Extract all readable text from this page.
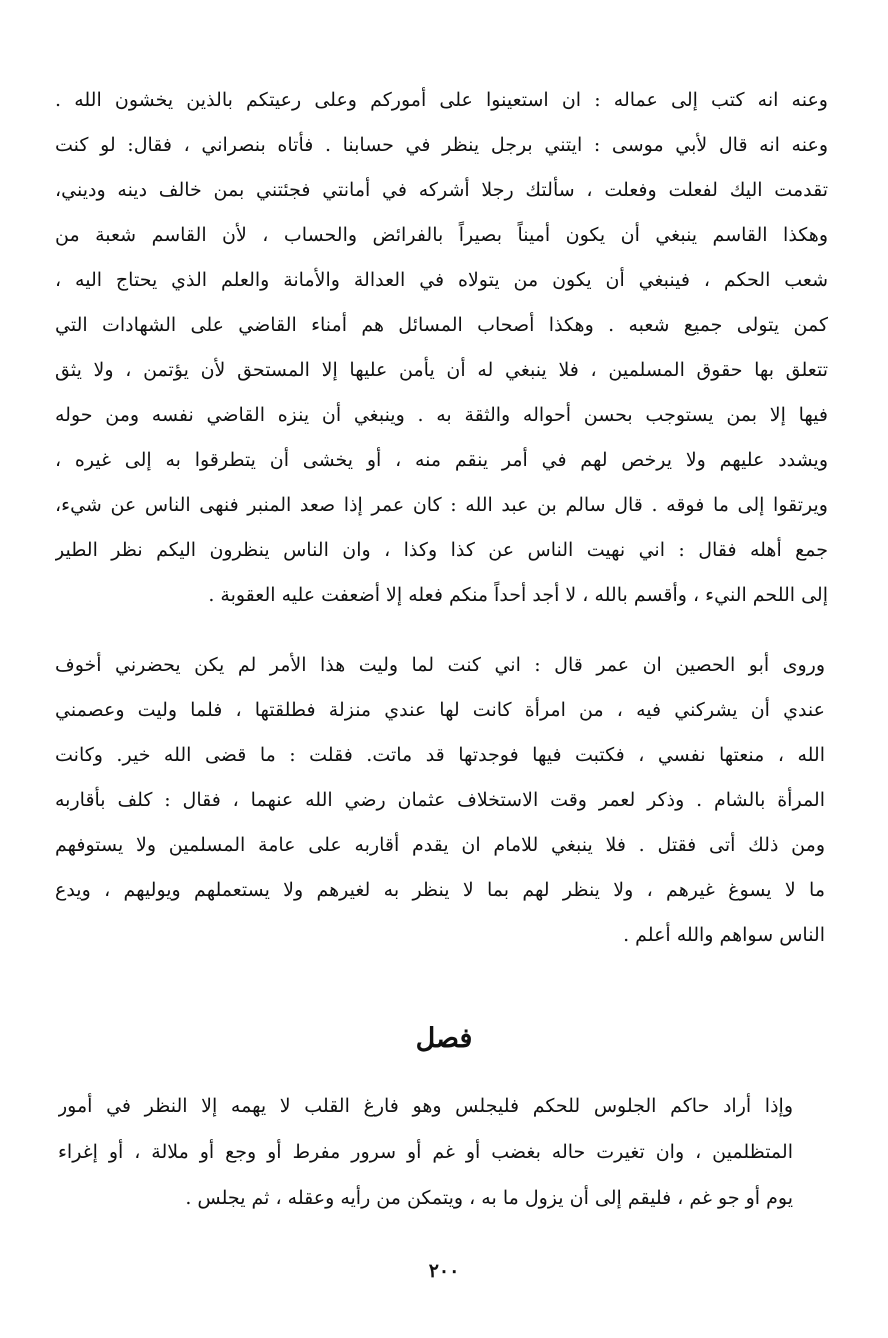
وعنه انه كتب إلى عماله : ان استعينوا على أموركم وعلى رعيتكم بالذين يخشون الله .
وعنه انه قال لأبي موسى : ايتني برجل ينظر في حسابنا . فأتاه بنصراني ، فقال: لو كنت
تقدمت اليك لفعلت وفعلت ، سألتك رجلا أشركه في أمانتي فجئتني بمن خالف دينه وديني،
وهكذا القاسم ينبغي أن يكون أميناً بصيراً بالفرائض والحساب ، لأن القاسم شعبة من
شعب الحكم ، فينبغي أن يكون من يتولاه في العدالة والأمانة والعلم الذي يحتاج اليه ،
كمن يتولى جميع شعبه . وهكذا أصحاب المسائل هم أمناء القاضي على الشهادات التي
تتعلق بها حقوق المسلمين ، فلا ينبغي له أن يأمن عليها إلا المستحق لأن يؤتمن ، ولا يثق
فيها إلا بمن يستوجب بحسن أحواله والثقة به . وينبغي أن ينزه القاضي نفسه ومن حوله
ويشدد عليهم ولا يرخص لهم في أمر ينقم منه ، أو يخشى أن يتطرقوا به إلى غيره ،
ويرتقوا إلى ما فوقه . قال سالم بن عبد الله : كان عمر إذا صعد المنبر فنهى الناس عن شيء،
جمع أهله فقال : اني نهيت الناس عن كذا وكذا ، وان الناس ينظرون اليكم نظر الطير
إلى اللحم النيء ، وأقسم بالله ، لا أجد أحداً منكم فعله إلا أضعفت عليه العقوبة .
وروى أبو الحصين ان عمر قال : اني كنت لما وليت هذا الأمر لم يكن يحضرني أخوف
عندي أن يشركني فيه ، من امرأة كانت لها عندي منزلة فطلقتها ، فلما وليت وعصمني
الله ، منعتها نفسي ، فكتبت فيها فوجدتها قد ماتت. فقلت : ما قضى الله خير. وكانت
المرأة بالشام . وذكر لعمر وقت الاستخلاف عثمان رضي الله عنهما ، فقال : كلف بأقاربه
ومن ذلك أتى فقتل . فلا ينبغي للامام ان يقدم أقاربه على عامة المسلمين ولا يستوفهم
ما لا يسوغ غيرهم ، ولا ينظر لهم بما لا ينظر به لغيرهم ولا يستعملهم ويوليهم ، ويدع
الناس سواهم والله أعلم .
فصل
وإذا أراد حاكم الجلوس للحكم فليجلس وهو فارغ القلب لا يهمه إلا النظر في أمور
المتظلمين ، وان تغيرت حاله بغضب أو غم أو سرور مفرط أو وجع أو ملالة ، أو إغراء
يوم أو جو غم ، فليقم إلى أن يزول ما به ، ويتمكن من رأيه وعقله ، ثم يجلس .
٢٠٠
